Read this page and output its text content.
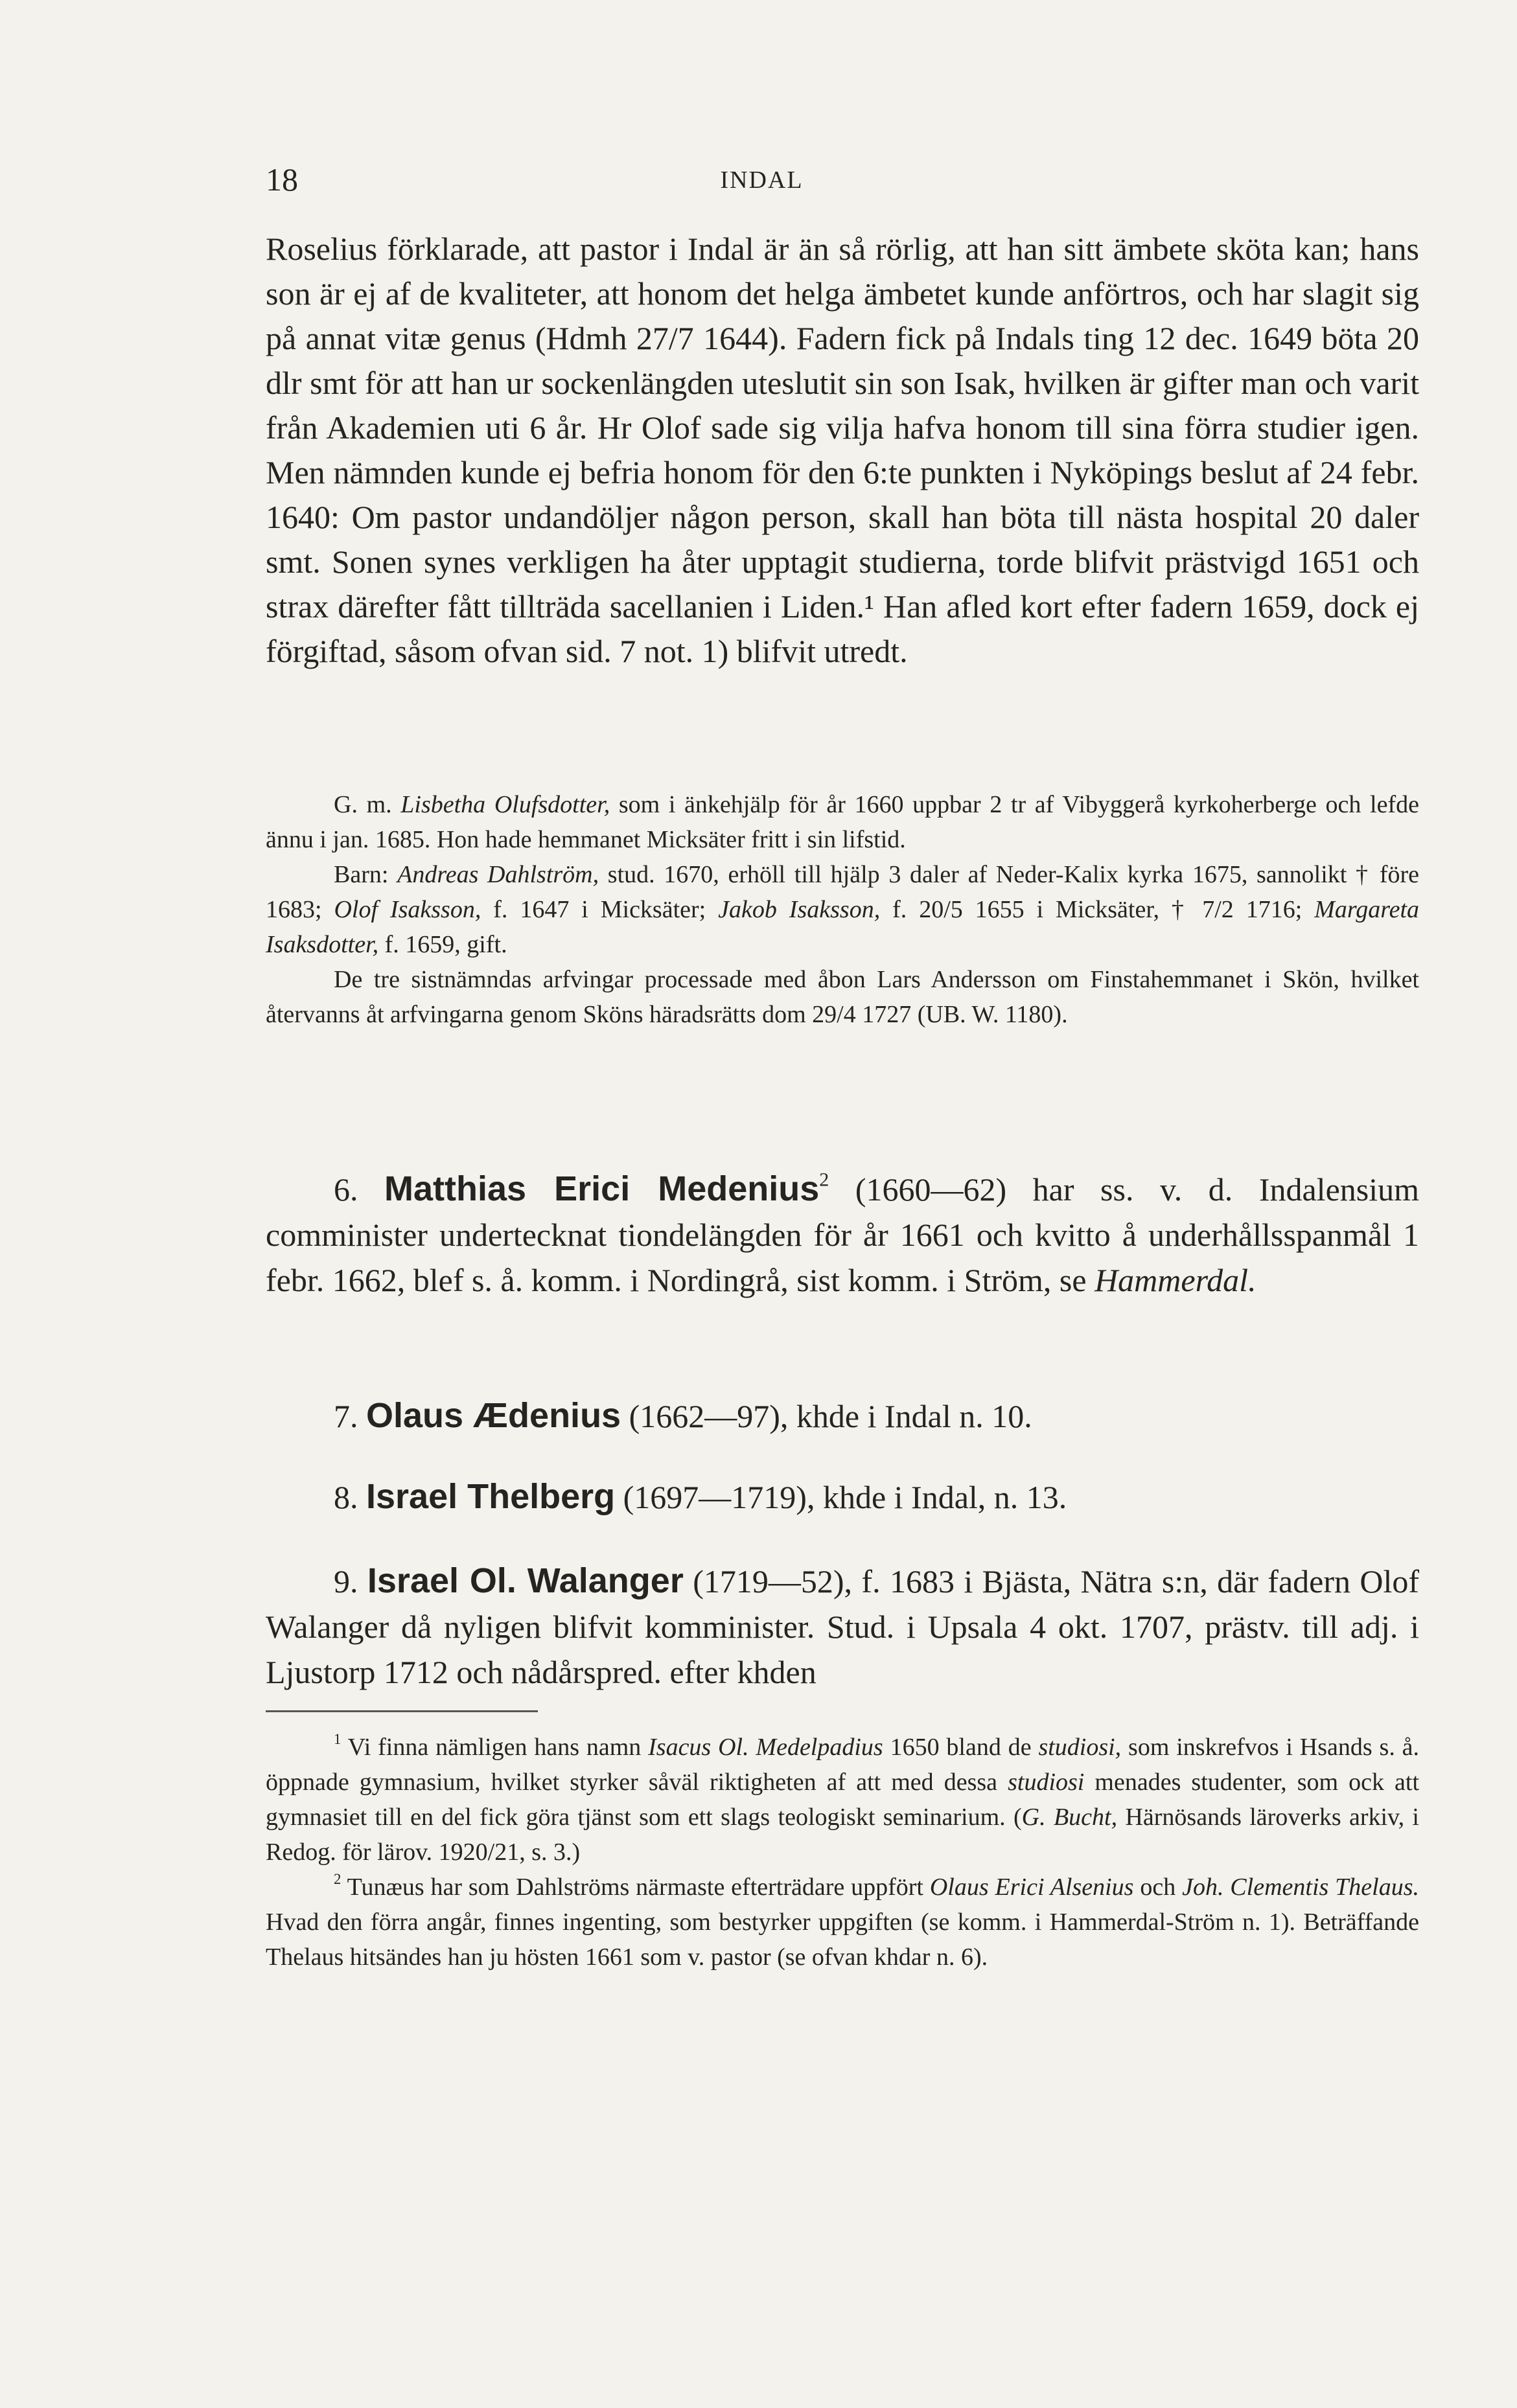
18	INDAL

Roselius förklarade, att pastor i Indal är än så rörlig, att han sitt ämbete sköta kan; hans son är ej af de kvaliteter, att honom det helga ämbetet kunde anförtros, och har slagit sig på annat vitæ genus (Hdmh 27/7 1644). Fadern fick på Indals ting 12 dec. 1649 böta 20 dlr smt för att han ur sockenlängden uteslutit sin son Isak, hvilken är gifter man och varit från Akademien uti 6 år. Hr Olof sade sig vilja hafva honom till sina förra studier igen. Men nämnden kunde ej befria honom för den 6:te punkten i Nyköpings beslut af 24 febr. 1640: Om pastor undandöljer någon person, skall han böta till nästa hospital 20 daler smt. Sonen synes verkligen ha åter upptagit studierna, torde blifvit prästvigd 1651 och strax därefter fått tillträda sacellanien i Liden.¹ Han afled kort efter fadern 1659, dock ej förgiftad, såsom ofvan sid. 7 not. 1) blifvit utredt.

G. m. Lisbetha Olufsdotter, som i änkehjälp för år 1660 uppbar 2 tr af Vibyggerå kyrkoherberge och lefde ännu i jan. 1685. Hon hade hemmanet Micksäter fritt i sin lifstid.

Barn: Andreas Dahlström, stud. 1670, erhöll till hjälp 3 daler af Neder-Kalix kyrka 1675, sannolikt † före 1683; Olof Isaksson, f. 1647 i Micksäter; Jakob Isaksson, f. 20/5 1655 i Micksäter, † 7/2 1716; Margareta Isaksdotter, f. 1659, gift.

De tre sistnämndas arfvingar processade med åbon Lars Andersson om Finstahemmanet i Skön, hvilket återvanns åt arfvingarna genom Sköns häradsrätts dom 29/4 1727 (UB. W. 1180).

6. Matthias Erici Medenius$^2$ (1660—62) har ss. v. d. Indalensium comminister undertecknat tiondelängden för år 1661 och kvitto å underhållsspanmål 1 febr. 1662, blef s. å. komm. i Nordingrå, sist komm. i Ström, se Hammerdal.
7. Olaus Ædenius (1662—97), khde i Indal n. 10.
8. Israel Thelberg (1697—1719), khde i Indal, n. 13.
9. Israel Ol. Walanger (1719—52), f. 1683 i Bjästa, Nätra s:n, där fadern Olof Walanger då nyligen blifvit komminister. Stud. i Upsala 4 okt. 1707, prästv. till adj. i Ljustorp 1712 och nådårspred. efter khden

$^1$ Vi finna nämligen hans namn Isacus Ol. Medelpadius 1650 bland de studiosi, som inskrefvos i Hsands s. å. öppnade gymnasium, hvilket styrker såväl riktigheten af att med dessa studiosi menades studenter, som ock att gymnasiet till en del fick göra tjänst som ett slags teologiskt seminarium. (G. Bucht, Härnösands läroverks arkiv, i Redog. för lärov. 1920/21, s. 3.)

$^2$ Tunæus har som Dahlströms närmaste efterträdare uppfört Olaus Erici Alsenius och Joh. Clementis Thelaus. Hvad den förra angår, finnes ingenting, som bestyrker uppgiften (se komm. i Hammerdal-Ström n. 1). Beträffande Thelaus hitsändes han ju hösten 1661 som v. pastor (se ofvan khdar n. 6).
